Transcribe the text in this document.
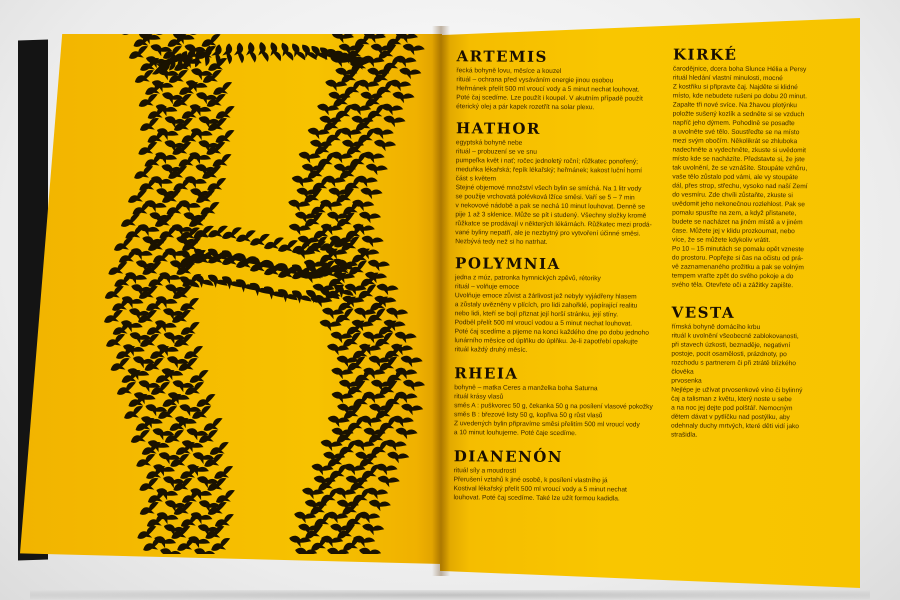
ARTEMIS

řecká bohyně lovu, měsíce a kouzel

rituál – ochrana před vysáváním energie jinou osobou

Heřmánek přelít 500 ml vroucí vody a 5 minut nechat louhovat.

Poté čaj scedíme. Lze použít i koupel. V akutním případě použít

éterický olej a pár kapek rozetřít na solar plexu.

HATHOR

egyptská bohyně nebe

rituál – probuzení se ve snu

pumpeľka květ i nať; ročec jednoletý roční; růžkatec ponořený;

meduňka lékařská; řepík lékařský; heřmánek; kakost luční horní

část s květem

Stejné objemové množství všech bylin se smíchá. Na 1 litr vody

se použije vrchovatá polévková lžíce směsi. Vaří se 5 – 7 min

v nekovové nádobě a pak se nechá 10 minut louhovat. Denně se

pije 1 až 3 sklenice. Může se pít i studený. Všechny složky kromě

růžkatce se prodávají v některých lékárnách. Růžkatec mezi prodá-

vané byliny nepatří, ale je nezbytný pro vytvoření účinné směsi.

Nezbývá tedy než si ho natrhat.

POLYMNIA

jedna z múz, patronka hymnických zpěvů, rétoriky

rituál – volňuje emoce

Uvolňuje emoce zůvist a žárlivost jež nebyly vyjádřeny hlasem

a zůstaly uvězněny v plících, pro lidi zahořklé, popírající realitu

nebo lidi, kteří se bojí přiznat její horší stránku, její stíny.

Podběl přelít 500 ml vroucí vodou a 5 minut nechat louhovat.

Poté čaj scedíme a pijeme na konci každého dne po dobu jednoho

lunárního měsíce od úplňku do úplňku. Je-li zapotřebí opakujte

rituál každý druhý měsíc.

RHEIA

bohyně – matka Ceres a manželka boha Saturna

rituál krásy vlasů

směs A : puškvorec 50 g, čekanka 50 g na posílení vlasové pokožky

směs B : březové listy 50 g, kopřiva 50 g růst vlasů

Z uvedených bylin připravíme směsi přelitím 500 ml vroucí vody

a 10 minut louhujeme. Poté čaje scedíme.

DIANENÓN

rituál síly a moudrosti

Přerušení vztahů k jiné osobě, k posílení vlastního já

Kostival lékařský přelít 500 ml vroucí vody a 5 minut nechat

louhovat. Poté čaj scedíme. Také lze užít formou kadidla.

KIRKÉ

čarodějnice, dcera boha Slunce Hélia a Persy

rituál hledání vlastní minulosti, mocné

Z kostřiku si připravte čaj. Najděte si klidné

místo, kde nebudete rušeni po dobu 20 minut.

Zapalte tři nové svíce. Na žhavou plotýnku

položte sušený kozlík a sedněte si se vzduch

napříč jeho dýmem. Pohodlně se posaďte

a uvolněte své tělo. Soustřeďte se na místo

mezi svým obočím. Několikrát se zhluboka

nadechněte a vydechněte, zkuste si uvědomit

místo kde se nacházíte. Představte si, že jste

tak uvolnění, že se vznášíte. Stoupáte vzhůru,

vaše tělo zůstalo pod vámi, ale vy stoupáte

dál, přes strop, střechu, vysoko nad naší Zemí

do vesmíru. Zde chvíli zůstaňte, zkuste si

uvědomit jeho nekonečnou rozlehlost. Pak se

pomalu spusťte na zem, a když přistanete,

budete se nacházet na jiném místě a v jiném

čase. Můžete jej v klidu prozkoumat, nebo

více, že se můžete kdykoliv vrátit.

Po 10 – 15 minutách se pomalu opět vzneste

do prostoru. Popřejte si čas na očistu od prá-

vě zaznamenaného prožitku a pak se volným

tempem vraťte zpět do svého pokoje a do

svého těla. Otevřete oči a zážitky zapište.

VESTA

římská bohyně domácího krbu

rituál k uvolnění všeobecné zablokovanosti,

při stavech úzkosti, beznaděje, negativní

postoje, pocit osamělosti, prázdnoty, po

rozchodu s partnerem či při ztrátě blízkého

člověka

prvosenka

Nejlépe je užívat prvosenkové víno či bylinný

čaj a talisman z květu, který noste u sebe

a na noc jej dejte pod polštář. Nemocným

dětem dávat v pytlíčku nad postýlku, aby

odehnaly duchy mrtvých, které děti vidí jako

strašidla.
